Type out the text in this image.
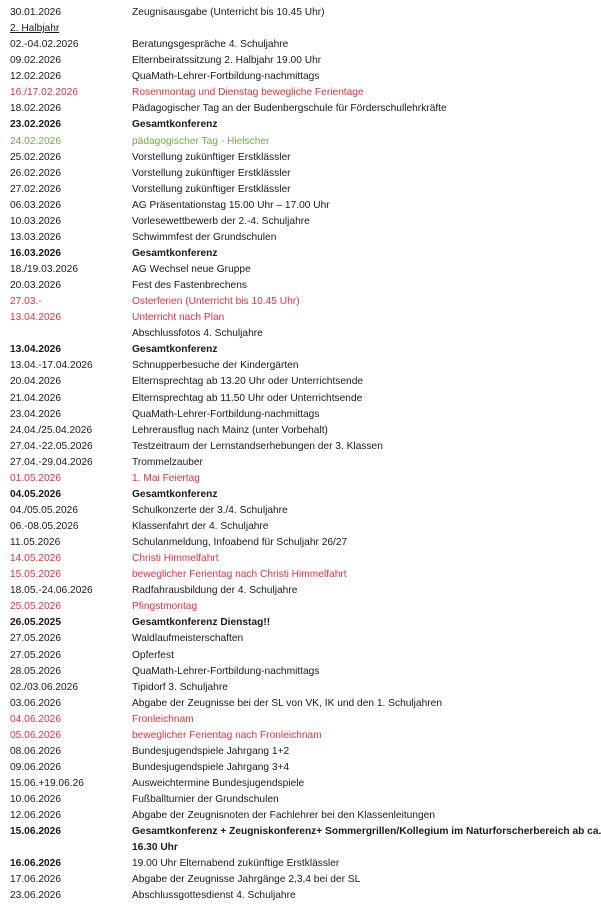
30.01.2026	Zeugnisausgabe (Unterricht bis 10.45 Uhr)
2. Halbjahr
02.-04.02.2026	Beratungsgespräche 4. Schuljahre
09.02.2026	Elternbeiratssitzung 2. Halbjahr 19.00 Uhr
12.02.2026	QuaMath-Lehrer-Fortbildung-nachmittags
16./17.02.2026	Rosenmontag und Dienstag bewegliche Ferientage
18.02.2026	Pädagogischer Tag an der Budenbergschule für Förderschullehrkräfte
23.02.2026	Gesamtkonferenz
24.02.2026	pädagogischer Tag - Hielscher
25.02.2026	Vorstellung zukünftiger Erstklässler
26.02.2026	Vorstellung zukünftiger Erstklässler
27.02.2026	Vorstellung zukünftiger Erstklässler
06.03.2026	AG Präsentationstag 15.00 Uhr – 17.00 Uhr
10.03.2026	Vorlesewettbewerb der 2.-4. Schuljahre
13.03.2026	Schwimmfest der Grundschulen
16.03.2026	Gesamtkonferenz
18./19.03.2026	AG Wechsel neue Gruppe
20.03.2026	Fest des Fastenbrechens
27.03.-	Osterferien (Unterricht bis 10.45 Uhr)
13.04.2026	Unterricht nach Plan
Abschlussfotos 4. Schuljahre
13.04.2026	Gesamtkonferenz
13.04.-17.04.2026	Schnupperbesuche der Kindergärten
20.04.2026	Elternsprechtag ab 13.20 Uhr oder Unterrichtsende
21.04.2026	Elternsprechtag ab 11.50 Uhr oder Unterrichtsende
23.04.2026	QuaMath-Lehrer-Fortbildung-nachmittags
24.04./25.04.2026	Lehrerausflug nach Mainz (unter Vorbehalt)
27.04.-22.05.2026	Testzeitraum der Lernstandserhebungen der 3. Klassen
27.04.-29.04.2026	Trommelzauber
01.05.2026	1. Mai Feiertag
04.05.2026	Gesamtkonferenz
04./05.05.2026	Schulkonzerte der 3./4. Schuljahre
06.-08.05.2026	Klassenfahrt der 4. Schuljahre
11.05.2026	Schulanmeldung, Infoabend für Schuljahr 26/27
14.05.2026	Christi Himmelfahrt
15.05.2026	beweglicher Ferientag nach Christi Himmelfahrt
18.05.-24.06.2026	Radfahrausbildung der 4. Schuljahre
25.05.2026	Pfingstmontag
26.05.2025	Gesamtkonferenz Dienstag!!
27.05.2026	Waldlaufmeisterschaften
27.05.2026	Opferfest
28.05.2026	QuaMath-Lehrer-Fortbildung-nachmittags
02./03.06.2026	Tipidorf 3. Schuljahre
03.06.2026	Abgabe der Zeugnisse bei der SL von VK, IK und den 1. Schuljahren
04.06.2026	Fronleichnam
05.06.2026	beweglicher Ferientag nach Fronleichnam
08.06.2026	Bundesjugendspiele Jahrgang 1+2
09.06.2026	Bundesjugendspiele Jahrgang 3+4
15.06.+19.06.26	Ausweichtermine Bundesjugendspiele
10.06.2026	Fußballturnier der Grundschulen
12.06.2026	Abgabe der Zeugnisnoten der Fachlehrer bei den Klassenleitungen
15.06.2026	Gesamtkonferenz + Zeugniskonferenz+ Sommergrillen/Kollegium im Naturforscherbereich ab ca.
16.30 Uhr
16.06.2026	19.00 Uhr Elternabend zukünftige Erstklässler
17.06.2026	Abgabe der Zeugnisse Jahrgänge 2,3,4 bei der SL
23.06.2026	Abschlussgottesdienst 4. Schuljahre
